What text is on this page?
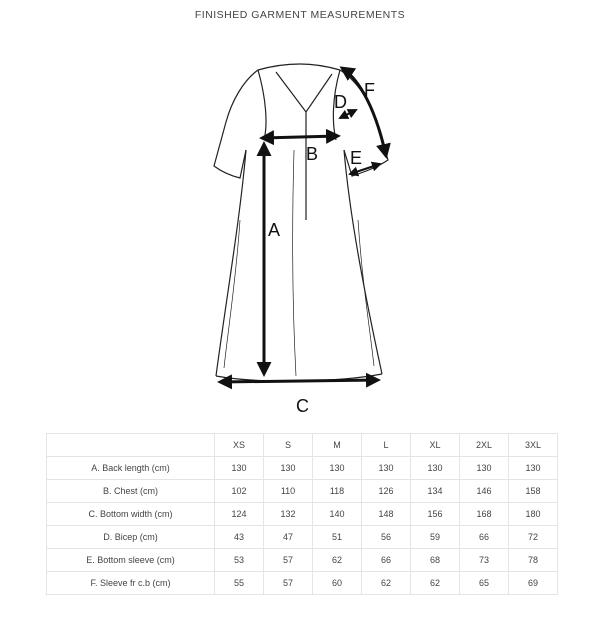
FINISHED GARMENT MEASUREMENTS
A
B
C
D
E
F
	XS	S	M	L	XL	2XL	3XL
A. Back length (cm)	130	130	130	130	130	130	130
B. Chest (cm)	102	110	118	126	134	146	158
C. Bottom width (cm)	124	132	140	148	156	168	180
D. Bicep (cm)	43	47	51	56	59	66	72
E. Bottom sleeve (cm)	53	57	62	66	68	73	78
F. Sleeve fr c.b (cm)	55	57	60	62	62	65	69
